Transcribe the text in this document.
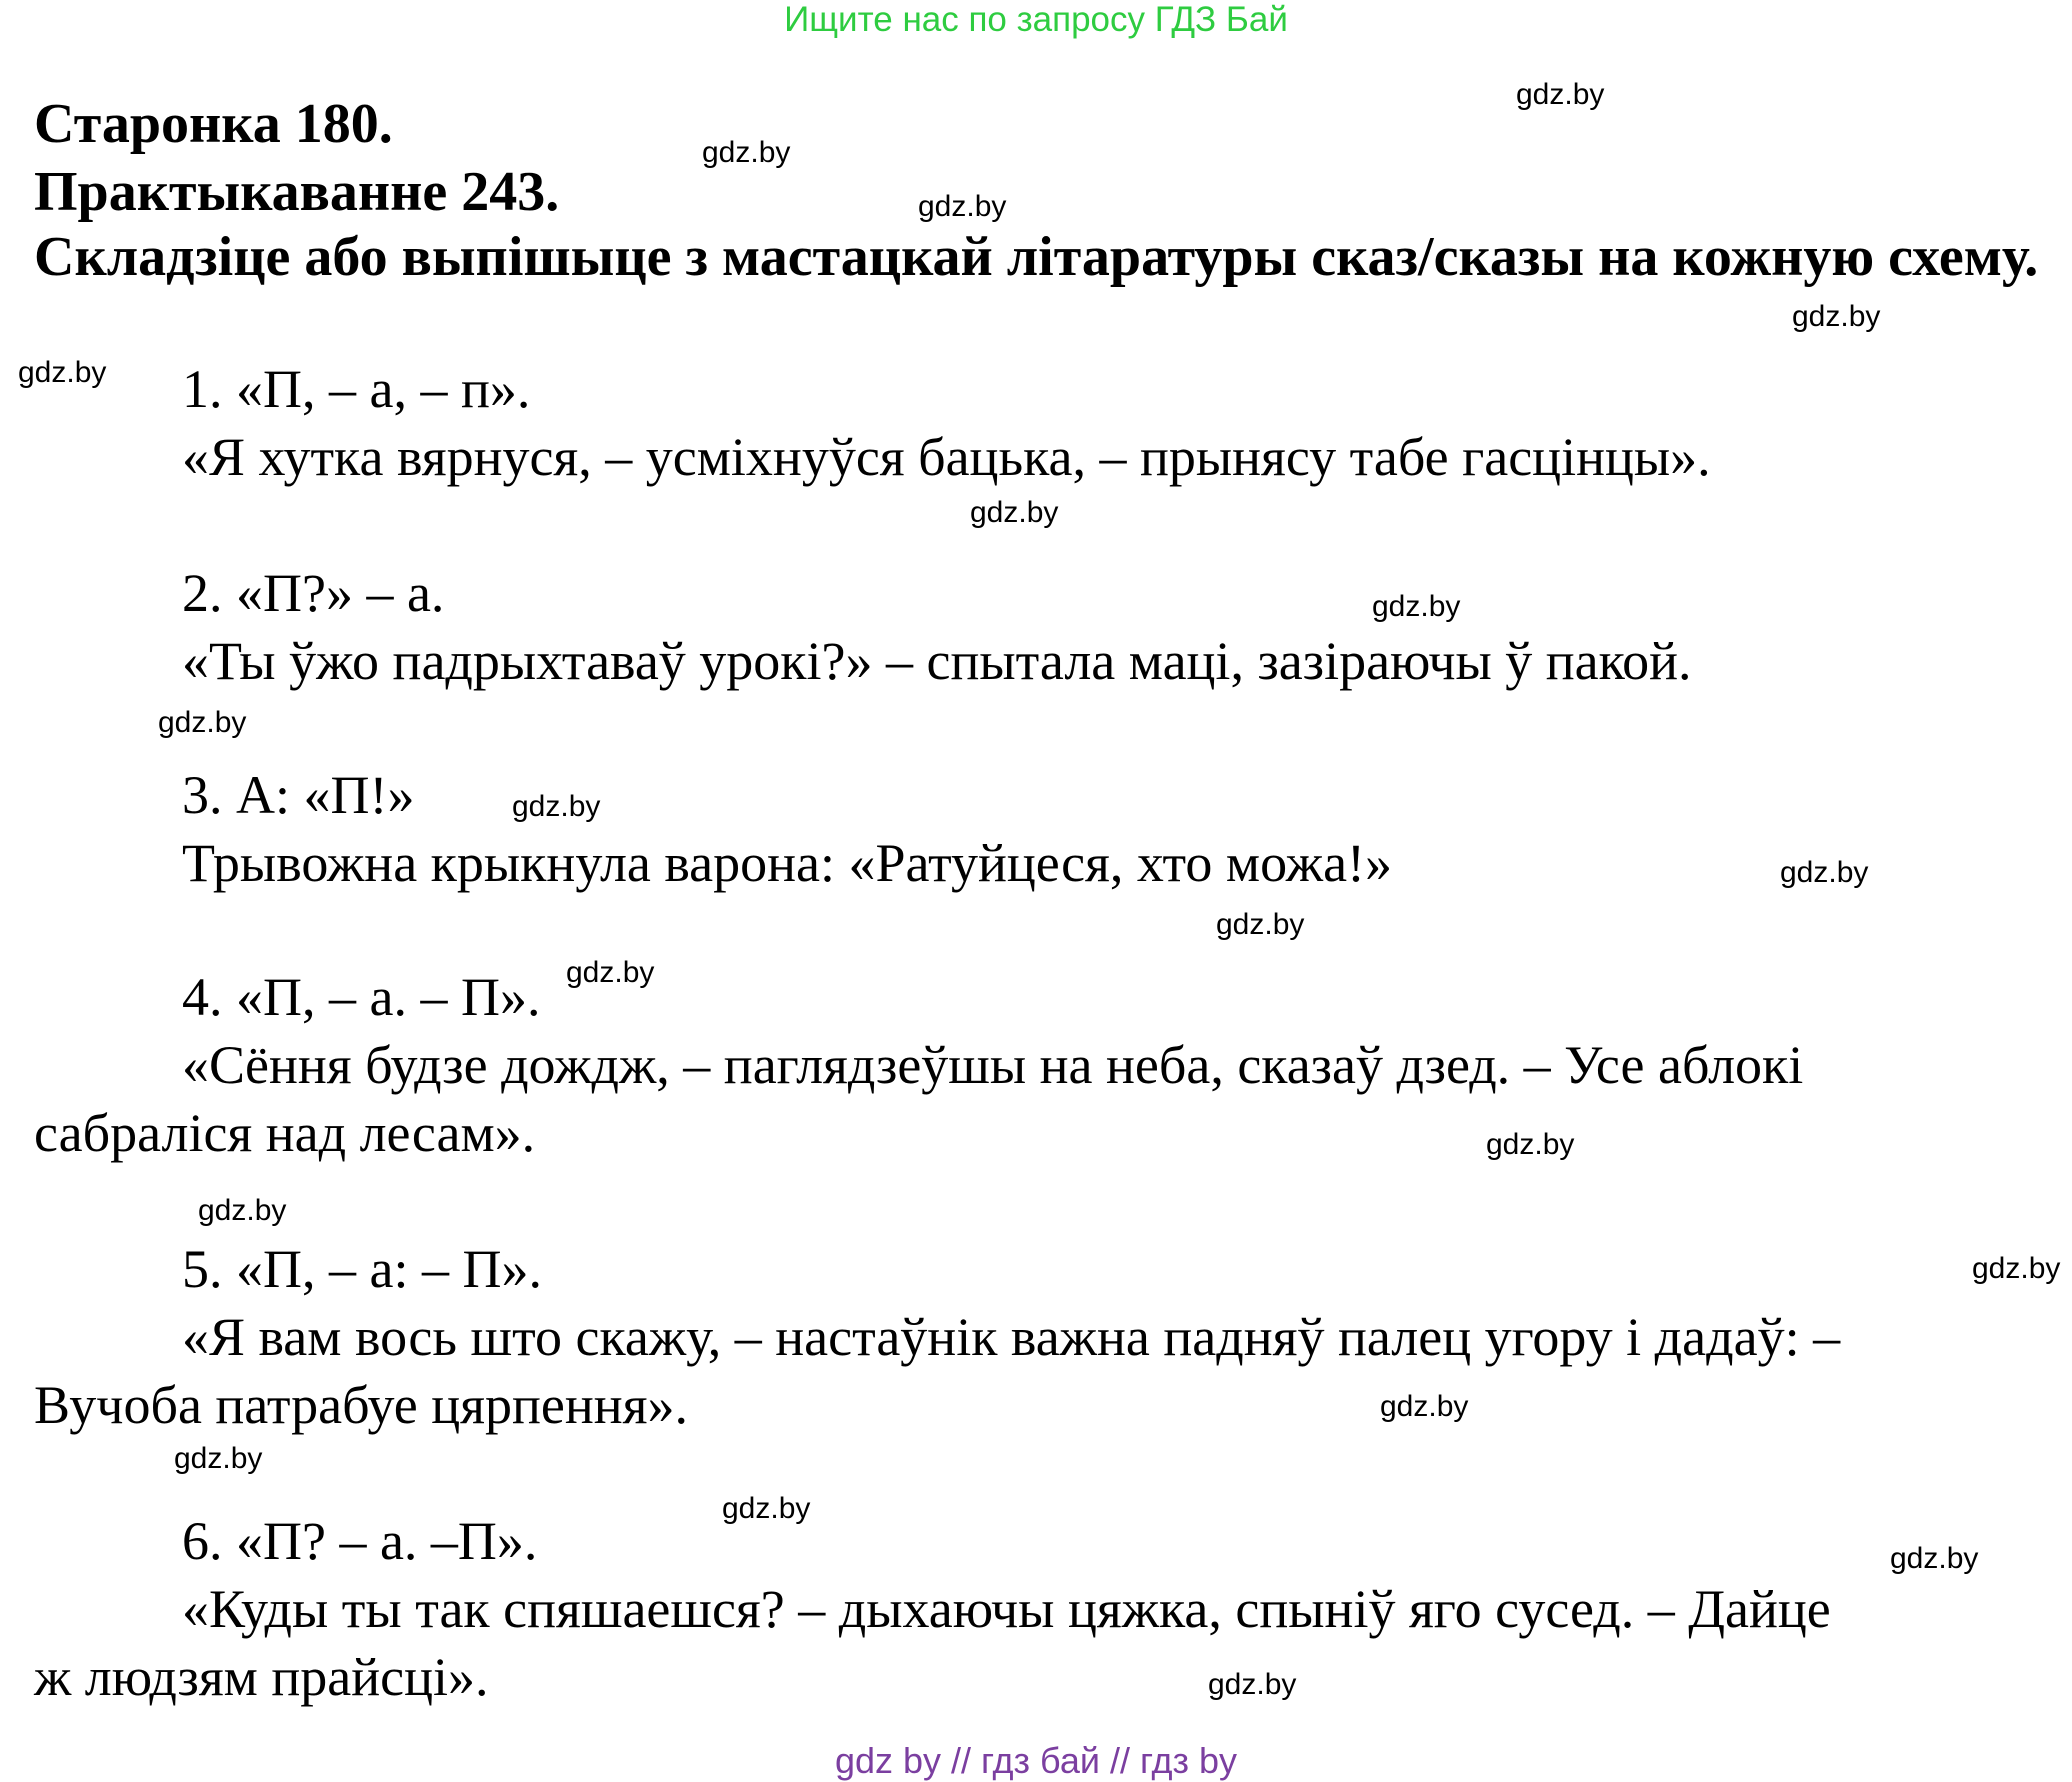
Ищите нас по запросу ГДЗ Бай
Старонка 180.
Практыкаванне 243.
Складзіце або выпішыце з мастацкай літаратуры сказ/сказы на кожную схему.
1. «П, – а, – п».
«Я хутка вярнуся, – усміхнуўся бацька, – прынясу табе гасцінцы».
2. «П?» – а.
«Ты ўжо падрыхтаваў урокі?» – спытала маці, зазіраючы ў пакой.
3. А: «П!»
Трывожна крыкнула варона: «Ратуйцеся, хто можа!»
4. «П, – а. – П».
«Сёння будзе дождж, – паглядзеўшы на неба, сказаў дзед. – Усе аблокі
сабраліся над лесам».
5. «П, – а: – П».
«Я вам вось што скажу, – настаўнік важна падняў палец угору і дадаў: –
Вучоба патрабуе цярпення».
6. «П? – а. –П».
«Куды ты так спяшаешся? – дыхаючы цяжка, спыніў яго сусед. – Дайце
ж людзям прайсці».
gdz.by
gdz.by
gdz.by
gdz.by
gdz.by
gdz.by
gdz.by
gdz.by
gdz.by
gdz.by
gdz.by
gdz.by
gdz.by
gdz.by
gdz.by
gdz.by
gdz.by
gdz.by
gdz.by
gdz.by
gdz by // гдз бай // гдз by
